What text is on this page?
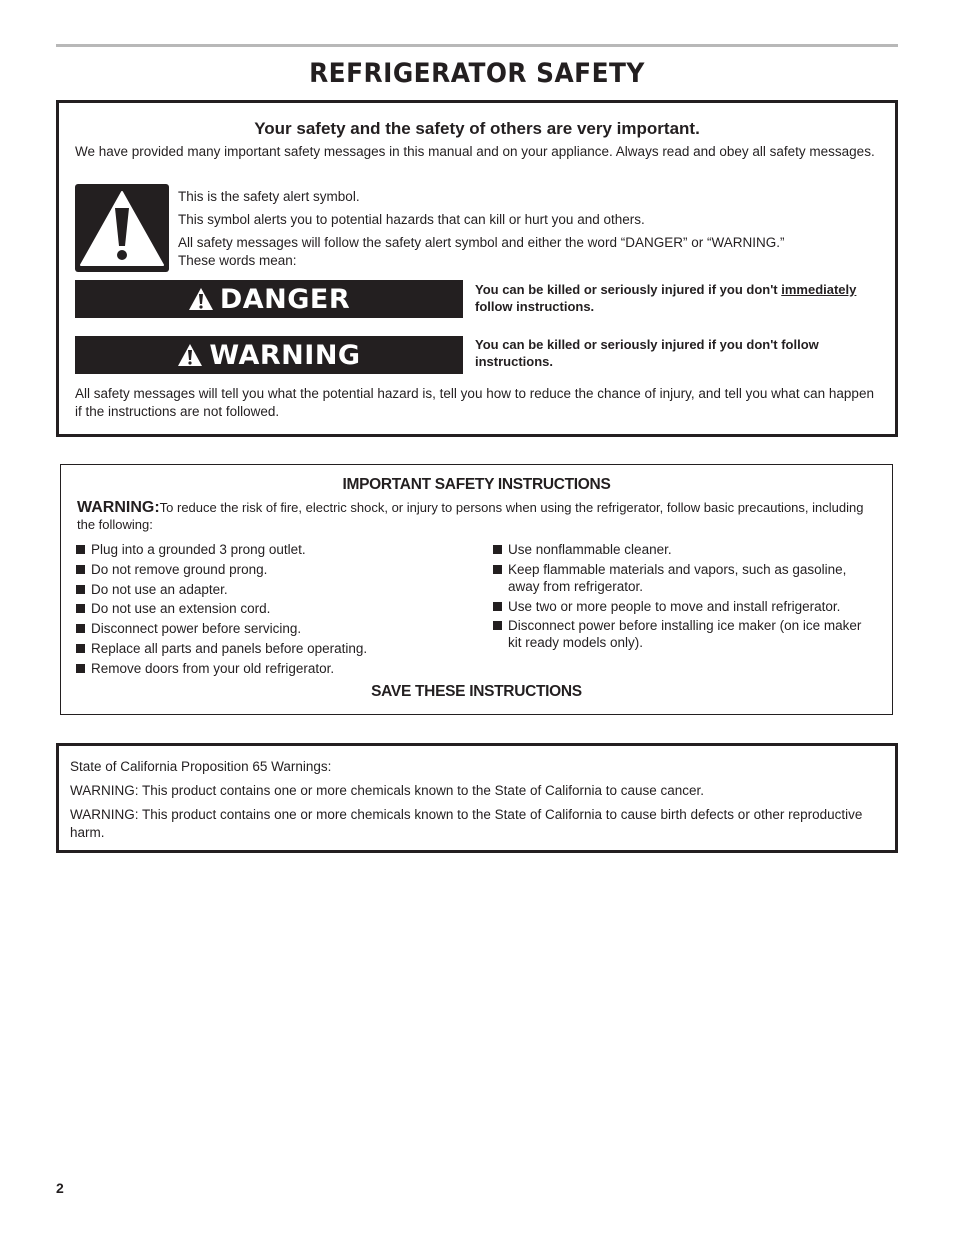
REFRIGERATOR SAFETY
Your safety and the safety of others are very important.
We have provided many important safety messages in this manual and on your appliance. Always read and obey all safety messages.
This is the safety alert symbol.
This symbol alerts you to potential hazards that can kill or hurt you and others.
All safety messages will follow the safety alert symbol and either the word “DANGER” or “WARNING.”
These words mean:
DANGER	You can be killed or seriously injured if you don't immediately follow instructions.
WARNING	You can be killed or seriously injured if you don't follow instructions.
All safety messages will tell you what the potential hazard is, tell you how to reduce the chance of injury, and tell you what can happen if the instructions are not followed.
IMPORTANT SAFETY INSTRUCTIONS
WARNING:To reduce the risk of fire, electric shock, or injury to persons when using the refrigerator, follow basic precautions, including the following:
Plug into a grounded 3 prong outlet.
Do not remove ground prong.
Do not use an adapter.
Do not use an extension cord.
Disconnect power before servicing.
Replace all parts and panels before operating.
Remove doors from your old refrigerator.
Use nonflammable cleaner.
Keep flammable materials and vapors, such as gasoline, away from refrigerator.
Use two or more people to move and install refrigerator.
Disconnect power before installing ice maker (on ice maker kit ready models only).
SAVE THESE INSTRUCTIONS
State of California Proposition 65 Warnings:
WARNING: This product contains one or more chemicals known to the State of California to cause cancer.
WARNING: This product contains one or more chemicals known to the State of California to cause birth defects or other reproductive harm.
2
